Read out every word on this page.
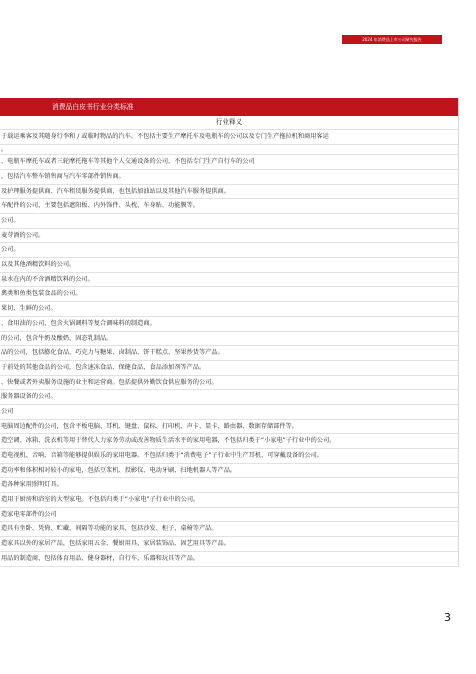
2024 年消费品上市公司研究报告
消费品白皮书行业分类标准
行业释义
于载运乘客及其随身行李和 / 或临时物品的汽车。不包括主要生产摩托车及电瓶车的公司以及专门生产拖拉机和商用客运
。
、电瓶车摩托车或者三轮摩托拖车等其他个人交通设备的公司，不包括专门生产自行车的公司
，包括汽车整车销售商与汽车零部件销售商。
及护理服务提供商、汽车租赁服务提供商，也包括加油站以及其他汽车服务提供商。
车配件的公司，主要包括遮阳板、内外饰件、头枕、车身贴、功能膜等。
公司。
麦芽酒的公司。
公司。
以及其他酒精饮料的公司。
泉水在内的不含酒精饮料的公司。
禽类和鱼类包装食品的公司。
果切、生鲜的公司。
、食用油的公司，包含火锅调料等复合调味料的制造商。
的公司，包含牛奶及酸奶、固态乳制品。
品的公司，包括膨化食品、巧克力与糖果、卤制品、饼干糕点、坚果炒货等产品。
于前处的其他食品的公司，包含速冻食品、保健食品、食品添加剂等产品。
、快餐或者外卖服务设施的业主和运营商。包括提供外勤饮食供应服务的公司。
服务器设备的公司。
公司
电脑周边配件的公司，包含平板电脑、耳机、键盘、鼠标、打印机、声卡、显卡、路由器、数据存储部件等。
造空调、冰箱、洗衣机等用于替代人力家务劳动或改善物质生活水平的家用电器，不包括归类于“小家电”子行业中的公司。
造电视机、音响、音箱等能够提供娱乐的家用电器。不包括归类于“消费电子”子行业中生产耳机、可穿戴设备的公司。
造功率和体积相对较小的家电，包括豆浆机、投影仪、电动牙刷、扫地机器人等产品。
造各种家用照明灯具。
造用于厨房和浴室的大型家电。不包括归类于“小家电”子行业中的公司。
造家电零部件的公司
造具有坐卧、凭倚、贮藏、间隔等功能的家具，包括沙发、柜子，桌椅等产品。
造家具以外的家居产品，包括家用五金、餐厨用具、家居装饰品、固艺用具等产品。
用品的制造商，包括体育用品、健身器材，自行车，乐器和玩具等产品。
3
